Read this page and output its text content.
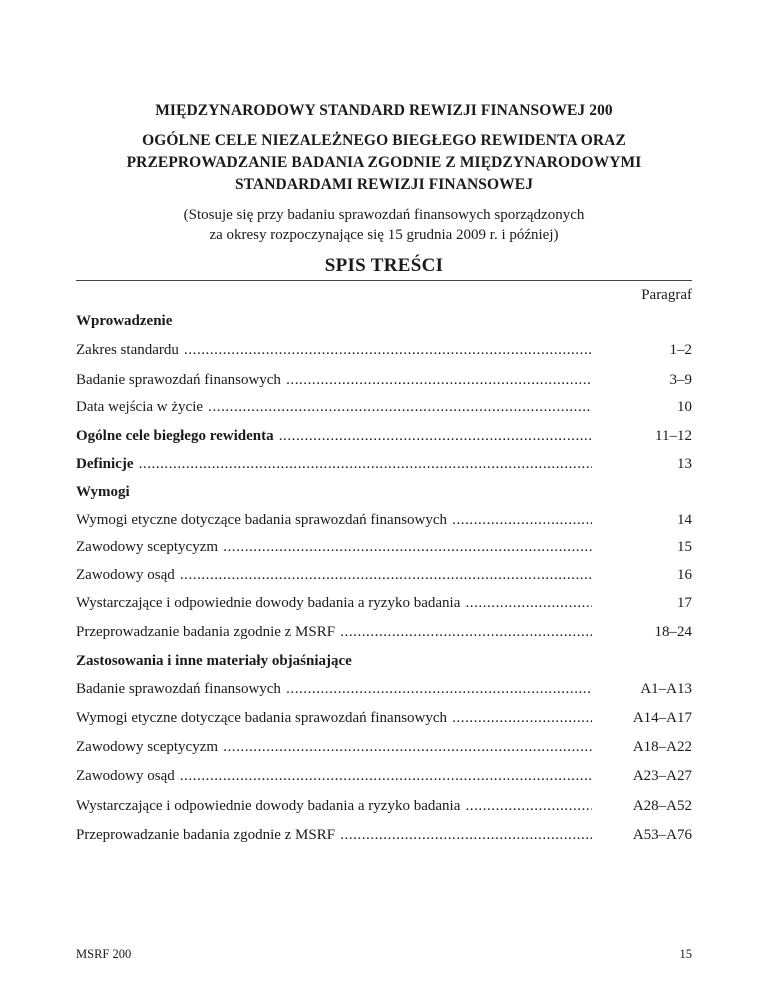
MIĘDZYNARODOWY STANDARD REWIZJI FINANSOWEJ 200
OGÓLNE CELE NIEZALEŻNEGO BIEGŁEGO REWIDENTA ORAZ
PRZEPROWADZANIE BADANIA ZGODNIE Z MIĘDZYNARODOWYMI
STANDARDAMI REWIZJI FINANSOWEJ
(Stosuje się przy badaniu sprawozdań finansowych sporządzonych
za okresy rozpoczynające się 15 grudnia 2009 r. i później)
SPIS TREŚCI
Paragraf
Wprowadzenie
Zakres standardu . . .	1–2
Badanie sprawozdań finansowych . . .	3–9
Data wejścia w życie . . .	10
Ogólne cele biegłego rewidenta . . .	11–12
Definicje . . .	13
Wymogi
Wymogi etyczne dotyczące badania sprawozdań finansowych . . .	14
Zawodowy sceptycyzm . . .	15
Zawodowy osąd . . .	16
Wystarczające i odpowiednie dowody badania a ryzyko badania . . .	17
Przeprowadzanie badania zgodnie z MSRF . . .	18–24
Zastosowania i inne materiały objaśniające
Badanie sprawozdań finansowych . . .	A1–A13
Wymogi etyczne dotyczące badania sprawozdań finansowych . . .	A14–A17
Zawodowy sceptycyzm . . .	A18–A22
Zawodowy osąd . . .	A23–A27
Wystarczające i odpowiednie dowody badania a ryzyko badania . . .	A28–A52
Przeprowadzanie badania zgodnie z MSRF . . .	A53–A76
MSRF 200	15
